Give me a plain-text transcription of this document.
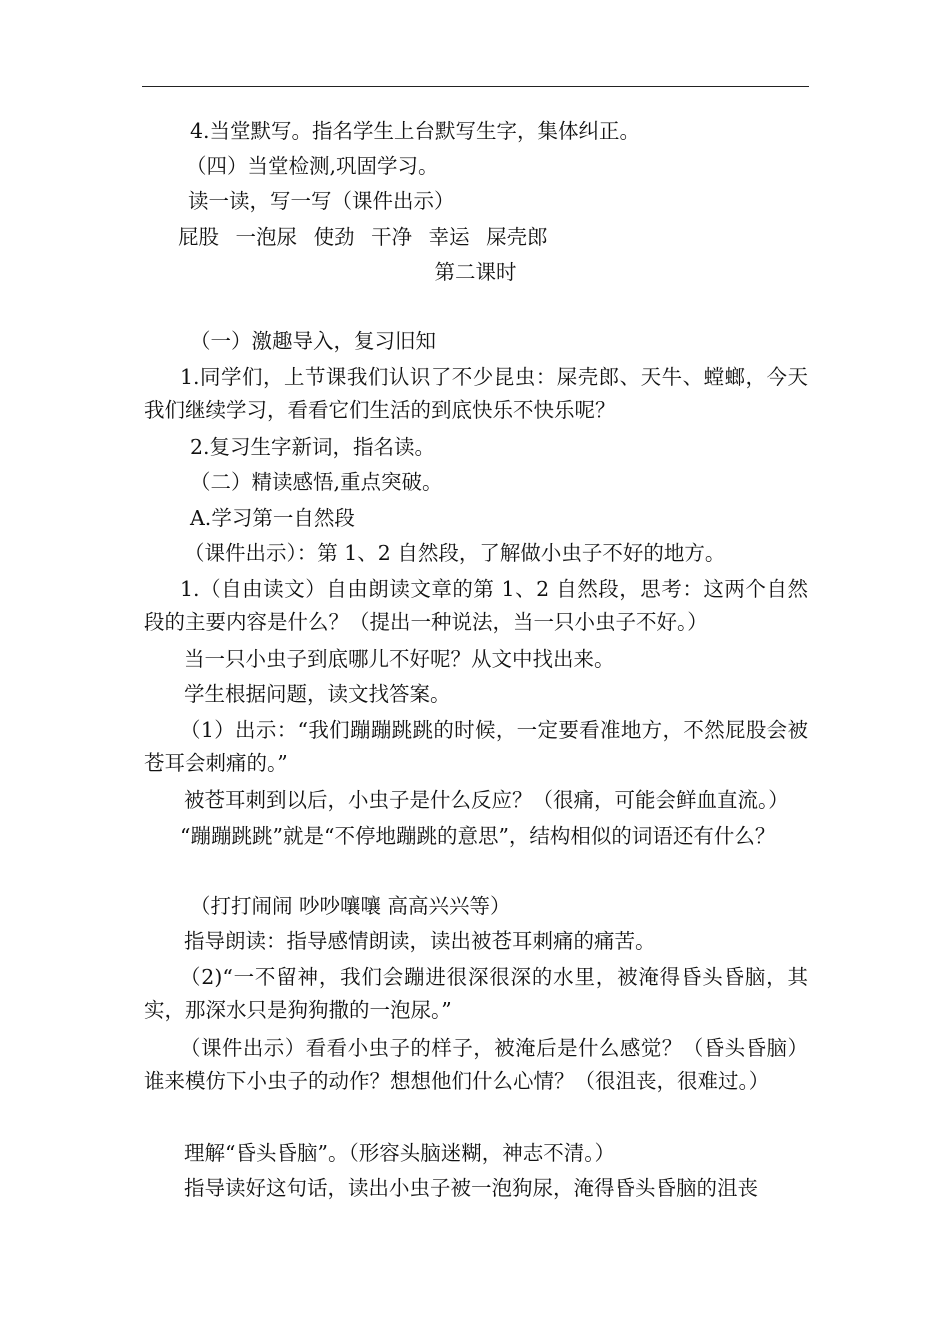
4.当堂默写。指名学生上台默写生字，集体纠正。
（四）当堂检测,巩固学习。
读一读，写一写（课件出示）
屁股 一泡尿 使劲 干净 幸运 屎壳郎
第二课时
（一）激趣导入，复习旧知
1.同学们，上节课我们认识了不少昆虫：屎壳郎、天牛、螳螂，今天我们继续学习，看看它们生活的到底快乐不快乐呢？
2.复习生字新词，指名读。
（二）精读感悟,重点突破。
A.学习第一自然段
（课件出示）：第 1、2 自然段，了解做小虫子不好的地方。
1.（自由读文）自由朗读文章的第 1、2 自然段，思考：这两个自然段的主要内容是什么？（提出一种说法，当一只小虫子不好。）
当一只小虫子到底哪儿不好呢？从文中找出来。
学生根据问题，读文找答案。
（1）出示：“我们蹦蹦跳跳的时候，一定要看准地方，不然屁股会被苍耳会刺痛的。”
被苍耳刺到以后，小虫子是什么反应？（很痛，可能会鲜血直流。）
“蹦蹦跳跳”就是“不停地蹦跳的意思”，结构相似的词语还有什么？
（打打闹闹 吵吵嚷嚷 高高兴兴等）
指导朗读：指导感情朗读，读出被苍耳刺痛的痛苦。
（2)“一不留神，我们会蹦进很深很深的水里，被淹得昏头昏脑，其实，那深水只是狗狗撒的一泡尿。”
（课件出示）看看小虫子的样子，被淹后是什么感觉？（昏头昏脑）谁来模仿下小虫子的动作？想想他们什么心情？（很沮丧，很难过。）
理解“昏头昏脑”。（形容头脑迷糊，神志不清。）
指导读好这句话，读出小虫子被一泡狗尿，淹得昏头昏脑的沮丧
